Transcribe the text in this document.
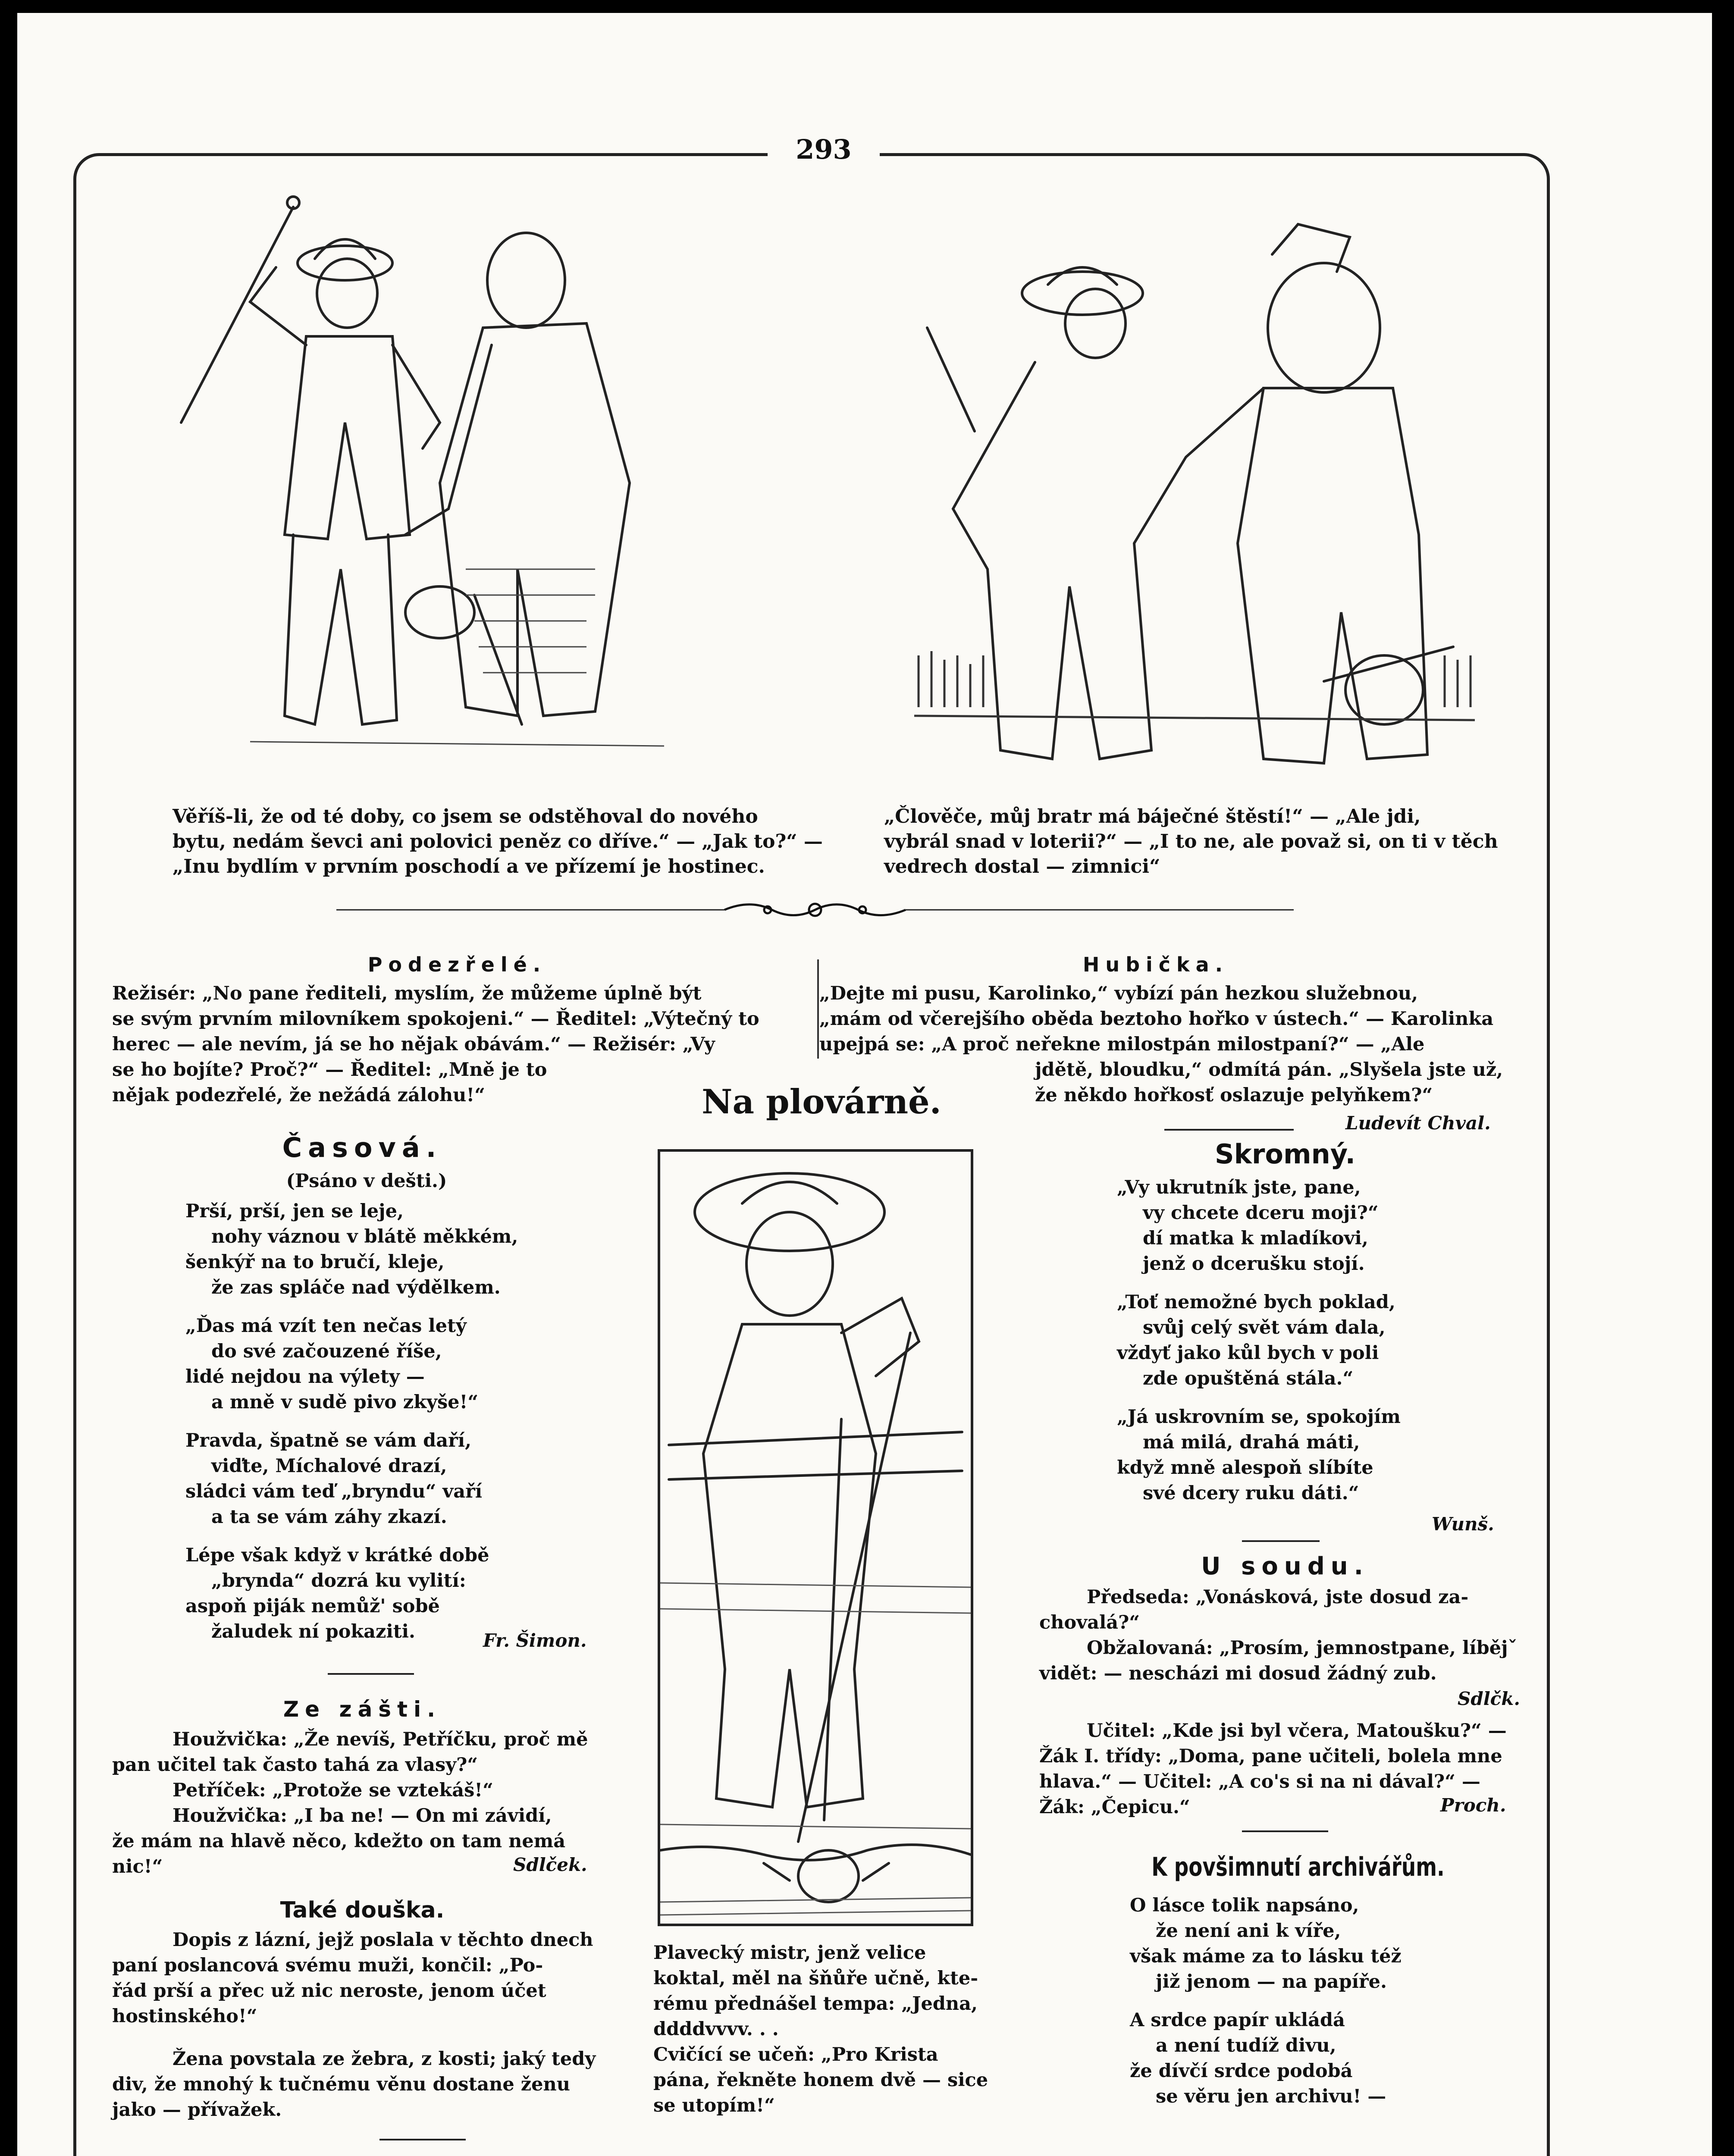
293
Věříš-li, že od té doby, co jsem se odstěhoval do nového
bytu, nedám ševci ani polovici peněz co dříve.“ — „Jak to?“ —
„Inu bydlím v prvním poschodí a ve přízemí je hostinec.
„Člověče, můj bratr má báječné štěstí!“ — „Ale jdi,
vybrál snad v loterii?“ — „I to ne, ale považ si, on ti v těch
vedrech dostal — zimnici“
Podezřelé.
Režisér: „No pane řediteli, myslím, že můžeme úplně být
se svým prvním milovníkem spokojeni.“ — Ředitel: „Výtečný to
herec — ale nevím, já se ho nějak obávám.“ — Režisér: „Vy
se ho bojíte? Proč?“ — Ředitel: „Mně je to
nějak podezřelé, že nežádá zálohu!“
Hubička.
„Dejte mi pusu, Karolinko,“ vybízí pán hezkou služebnou,
„mám od včerejšího oběda beztoho hořko v ústech.“ — Karolinka
upejpá se: „A proč neřekne milostpán milostpaní?“ — „Ale
jdětě, bloudku,“ odmítá pán. „Slyšela jste už,
že někdo hořkosť oslazuje pelyňkem?“
Ludevít Chval.
Na plovárně.
Plavecký mistr, jenž velice
koktal, měl na šňůře učně, kte-
rému přednášel tempa: „Jedna,
ddddvvvv. . .
Cvičící se učeň: „Pro Krista
pána, řekněte honem dvě — sice
se utopím!“
Časová.
(Psáno v dešti.)
Prší, prší, jen se leje,
nohy váznou v blátě měkkém,
šenkýř na to bručí, kleje,
že zas spláče nad výdělkem.
„Ďas má vzít ten nečas letý
do své začouzené říše,
lidé nejdou na výlety —
a mně v sudě pivo zkyše!“
Pravda, špatně se vám daří,
viďte, Míchalové drazí,
sládci vám teď „bryndu“ vaří
a ta se vám záhy zkazí.
Lépe však když v krátké době
„brynda“ dozrá ku vylití:
aspoň piják nemůž' sobě
žaludek ní pokaziti.	Fr. Šimon.
Ze zášti.
Houžvička: „Že nevíš, Petříčku, proč mě
pan učitel tak často tahá za vlasy?“
Petříček: „Protože se vztekáš!“
Houžvička: „I ba ne! — On mi závidí,
že mám na hlavě něco, kdežto on tam nemá
nic!“	Sdlček.
Také douška.
Dopis z lázní, jejž poslala v těchto dnech
paní poslancová svému muži, končil: „Po-
řád prší a přec už nic neroste, jenom účet
hostinského!“
Žena povstala ze žebra, z kosti; jaký tedy
div, že mnohý k tučnému věnu dostane ženu
jako — přívažek.
Skromný.
„Vy ukrutník jste, pane,
vy chcete dceru moji?“
dí matka k mladíkovi,
jenž o dcerušku stojí.
„Toť nemožné bych poklad,
svůj celý svět vám dala,
vždyť jako kůl bych v poli
zde opuštěná stála.“
„Já uskrovním se, spokojím
má milá, drahá máti,
když mně alespoň slíbíte
své dcery ruku dáti.“
Wunš.
U soudu.
Předseda: „Vonásková, jste dosud za-
chovalá?“
Obžalovaná: „Prosím, jemnostpane, líbějˇ
vidět: — nescházi mi dosud žádný zub.
Sdlčk.
Učitel: „Kde jsi byl včera, Matoušku?“ —
Žák I. třídy: „Doma, pane učiteli, bolela mne
hlava.“ — Učitel: „A co's si na ni dával?“ —
Žák: „Čepicu.“	Proch.
K povšimnutí archivářům.
O lásce tolik napsáno,
že není ani k víře,
však máme za to lásku též
již jenom — na papíře.
A srdce papír ukládá
a není tudíž divu,
že dívčí srdce podobá
se věru jen archivu! —
